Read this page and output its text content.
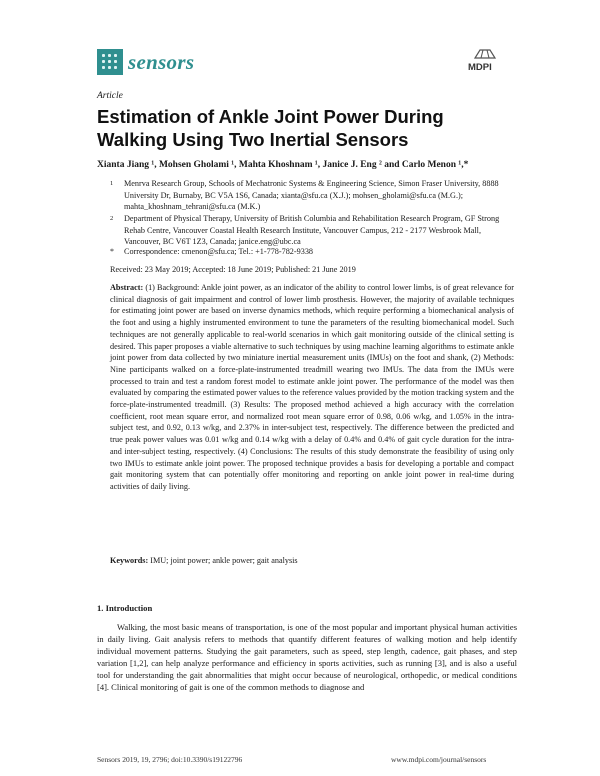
sensors	MDPI
Article
Estimation of Ankle Joint Power During Walking Using Two Inertial Sensors
Xianta Jiang ¹, Mohsen Gholami ¹, Mahta Khoshnam ¹, Janice J. Eng ² and Carlo Menon ¹,*
1 Menrva Research Group, Schools of Mechatronic Systems & Engineering Science, Simon Fraser University, 8888 University Dr, Burnaby, BC V5A 1S6, Canada; xianta@sfu.ca (X.J.); mohsen_gholami@sfu.ca (M.G.); mahta_khoshnam_tehrani@sfu.ca (M.K.)
2 Department of Physical Therapy, University of British Columbia and Rehabilitation Research Program, GF Strong Rehab Centre, Vancouver Coastal Health Research Institute, Vancouver Campus, 212 - 2177 Wesbrook Mall, Vancouver, BC V6T 1Z3, Canada; janice.eng@ubc.ca
* Correspondence: cmenon@sfu.ca; Tel.: +1-778-782-9338
Received: 23 May 2019; Accepted: 18 June 2019; Published: 21 June 2019
Abstract: (1) Background: Ankle joint power, as an indicator of the ability to control lower limbs, is of great relevance for clinical diagnosis of gait impairment and control of lower limb prosthesis. However, the majority of available techniques for estimating joint power are based on inverse dynamics methods, which require performing a biomechanical analysis of the foot and using a highly instrumented environment to tune the parameters of the resulting biomechanical model. Such techniques are not generally applicable to real-world scenarios in which gait monitoring outside of the clinical setting is desired. This paper proposes a viable alternative to such techniques by using machine learning algorithms to estimate ankle joint power from data collected by two miniature inertial measurement units (IMUs) on the foot and shank, (2) Methods: Nine participants walked on a force-plate-instrumented treadmill wearing two IMUs. The data from the IMUs were processed to train and test a random forest model to estimate ankle joint power. The performance of the model was then evaluated by comparing the estimated power values to the reference values provided by the motion tracking system and the force-plate-instrumented treadmill. (3) Results: The proposed method achieved a high accuracy with the correlation coefficient, root mean square error, and normalized root mean square error of 0.98, 0.06 w/kg, and 1.05% in the intra-subject test, and 0.92, 0.13 w/kg, and 2.37% in inter-subject test, respectively. The difference between the predicted and true peak power values was 0.01 w/kg and 0.14 w/kg with a delay of 0.4% and 0.4% of gait cycle duration for the intra- and inter-subject testing, respectively. (4) Conclusions: The results of this study demonstrate the feasibility of using only two IMUs to estimate ankle joint power. The proposed technique provides a basis for developing a portable and compact gait monitoring system that can potentially offer monitoring and reporting on ankle joint power in real-time during activities of daily living.
Keywords: IMU; joint power; ankle power; gait analysis
1. Introduction
Walking, the most basic means of transportation, is one of the most popular and important physical human activities in daily living. Gait analysis refers to methods that quantify different features of walking motion and help identify individual movement patterns. Studying the gait parameters, such as speed, step length, cadence, gait phases, and step variation [1,2], can help analyze performance and efficiency in sports activities, such as running [3], and is also a useful tool for understanding the gait abnormalities that might occur because of neurological, orthopedic, or medical conditions [4]. Clinical monitoring of gait is one of the common methods to diagnose and
Sensors 2019, 19, 2796; doi:10.3390/s19122796	www.mdpi.com/journal/sensors
